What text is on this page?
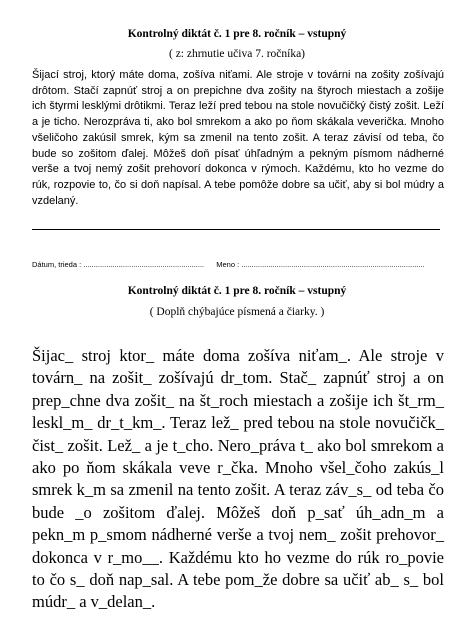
Kontrolný diktát č. 1 pre 8. ročník – vstupný
( z: zhrnutie učiva 7. ročníka)

Šijací stroj, ktorý máte doma, zošíva niťami. Ale stroje v továrni na zošity zošívajú drôtom. Stačí zapnúť stroj a on prepichne dva zošity na štyroch miestach a zošije ich štyrmi lesklými drôtikmi. Teraz leží pred tebou na stole novučičký čistý zošit. Leží a je ticho. Nerozpráva ti, ako bol smrekom a ako po ňom skákala veverička. Mnoho všeličoho zakúsil smrek, kým sa zmenil na tento zošit. A teraz závisí od teba, čo bude so zošitom ďalej. Môžeš doň písať úhľadným a pekným písmom nádherné verše a tvoj nemý zošit prehovorí dokonca v rýmoch. Každému, kto ho vezme do rúk, rozpovie to, čo si doň napísal. A tebe pomôže dobre sa učiť, aby si bol múdry a vzdelaný.

Dátum, trieda : .......................................................... Meno : ........................................................................................
Kontrolný diktát č. 1 pre 8. ročník – vstupný
( Doplň chýbajúce písmená a čiarky. )

Šijac_ stroj ktor_ máte doma zošíva niťam_. Ale stroje v továrn_ na zošit_ zošívajú dr_tom. Stač_ zapnúť stroj a on prep_chne dva zošit_ na št_roch miestach a zošije ich št_rm_ leskl_m_ dr_t_km_. Teraz lež_ pred tebou na stole novučičk_ čist_ zošit. Lež_ a je t_cho. Nero_práva t_ ako bol smrekom a ako po ňom skákala veve r_čka. Mnoho všel_čoho zakús_l smrek k_m sa zmenil na tento zošit. A teraz záv_s_ od teba čo bude _o zošitom ďalej. Môžeš doň p_sať úh_adn_m a pekn_m p_smom nádherné verše a tvoj nem_ zošit prehovor_ dokonca v r_mo__. Každému kto ho vezme do rúk ro_povie to čo s_ doň nap_sal. A tebe pom_že dobre sa učiť ab_ s_ bol múdr_ a v_delan_.
